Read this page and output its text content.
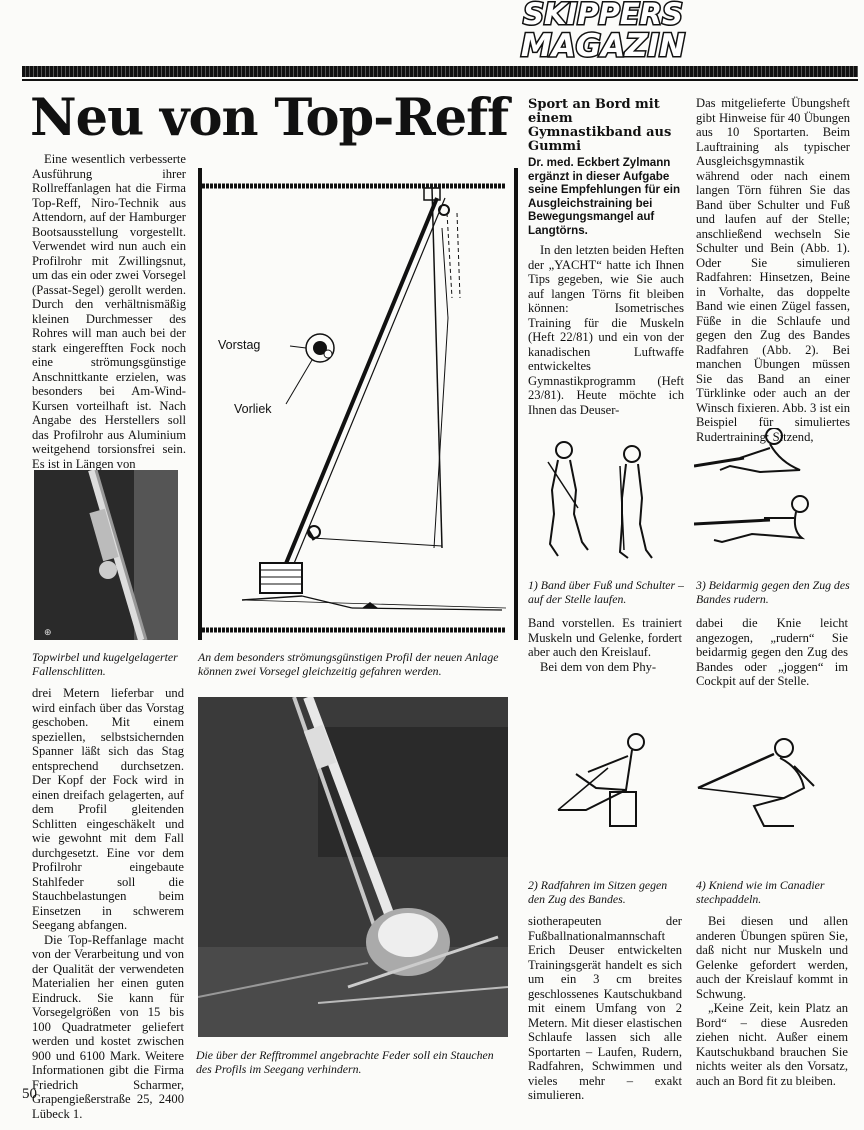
SKIPPERS
MAGAZIN
Neu von Top-Reff

Eine wesentlich verbesserte Ausführung ihrer Rollreffanlagen hat die Firma Top-Reff, Niro-Technik aus Attendorn, auf der Hamburger Bootsausstellung vorgestellt. Verwendet wird nun auch ein Profilrohr mit Zwillingsnut, um das ein oder zwei Vorsegel (Passat-Segel) gerollt werden. Durch den verhältnismäßig kleinen Durchmesser des Rohres will man auch bei der stark eingerefften Fock noch eine strömungsgünstige Anschnittkante erzielen, was besonders bei Am-Wind-Kursen vorteilhaft ist. Nach Angabe des Herstellers soll das Profilrohr aus Aluminium weitgehend torsionsfrei sein. Es ist in Längen von

⊕
Topwirbel und kugelgelagerter Fallenschlitten.
Vorstag
Vorliek
An dem besonders strömungsgünstigen Profil der neuen Anlage können zwei Vorsegel gleichzeitig gefahren werden.

drei Metern lieferbar und wird einfach über das Vorstag geschoben. Mit einem speziellen, selbstsichernden Spanner läßt sich das Stag entsprechend durchsetzen. Der Kopf der Fock wird in einen dreifach gelagerten, auf dem Profil gleitenden Schlitten eingeschäkelt und wie gewohnt mit dem Fall durchgesetzt. Eine vor dem Profilrohr eingebaute Stahlfeder soll die Stauchbelastungen beim Einsetzen in schwerem Seegang abfangen.

Die Top-Reffanlage macht von der Verarbeitung und von der Qualität der verwendeten Materialien her einen guten Eindruck. Sie kann für Vorsegelgrößen von 15 bis 100 Quadratmeter geliefert werden und kostet zwischen 900 und 6100 Mark. Weitere Informationen gibt die Firma Friedrich Scharmer, Grapengießerstraße 25, 2400 Lübeck 1.

Die über der Refftrommel angebrachte Feder soll ein Stauchen des Profils im Seegang verhindern.
Sport an Bord mit einem Gymnastikband aus Gummi
Dr. med. Eckbert Zylmann ergänzt in dieser Aufgabe seine Empfehlungen für ein Ausgleichstraining bei Bewegungsmangel auf Langtörns.

In den letzten beiden Heften der „YACHT“ hatte ich Ihnen Tips gegeben, wie Sie auch auf langen Törns fit bleiben können: Isometrisches Training für die Muskeln (Heft 22/81) und ein von der kanadischen Luftwaffe entwickeltes Gymnastikprogramm (Heft 23/81). Heute möchte ich Ihnen das Deuser-

Das mitgelieferte Übungsheft gibt Hinweise für 40 Übungen aus 10 Sportarten. Beim Lauftraining als typischer Ausgleichsgymnastik während oder nach einem langen Törn führen Sie das Band über Schulter und Fuß und laufen auf der Stelle; anschließend wechseln Sie Schulter und Bein (Abb. 1). Oder Sie simulieren Radfahren: Hinsetzen, Beine in Vorhalte, das doppelte Band wie einen Zügel fassen, Füße in die Schlaufe und gegen den Zug des Bandes Radfahren (Abb. 2). Bei manchen Übungen müssen Sie das Band an einer Türklinke oder auch an der Winsch fixieren. Abb. 3 ist ein Beispiel für simuliertes Rudertraining: Sitzend,

1) Band über Fuß und Schulter – auf der Stelle laufen.
3) Beidarmig gegen den Zug des Bandes rudern.

Band vorstellen. Es trainiert Muskeln und Gelenke, fordert aber auch den Kreislauf.

Bei dem von dem Phy-

dabei die Knie leicht angezogen, „rudern“ Sie beidarmig gegen den Zug des Bandes oder „joggen“ im Cockpit auf der Stelle.

2) Radfahren im Sitzen gegen den Zug des Bandes.
4) Kniend wie im Canadier stechpaddeln.

siotherapeuten der Fußballnationalmannschaft Erich Deuser entwickelten Trainingsgerät handelt es sich um ein 3 cm breites geschlossenes Kautschukband mit einem Umfang von 2 Metern. Mit dieser elastischen Schlaufe lassen sich alle Sportarten – Laufen, Rudern, Radfahren, Schwimmen und vieles mehr – exakt simulieren.

Bei diesen und allen anderen Übungen spüren Sie, daß nicht nur Muskeln und Gelenke gefordert werden, auch der Kreislauf kommt in Schwung.

„Keine Zeit, kein Platz an Bord“ – diese Ausreden ziehen nicht. Außer einem Kautschukband brauchen Sie nichts weiter als den Vorsatz, auch an Bord fit zu bleiben.

50
